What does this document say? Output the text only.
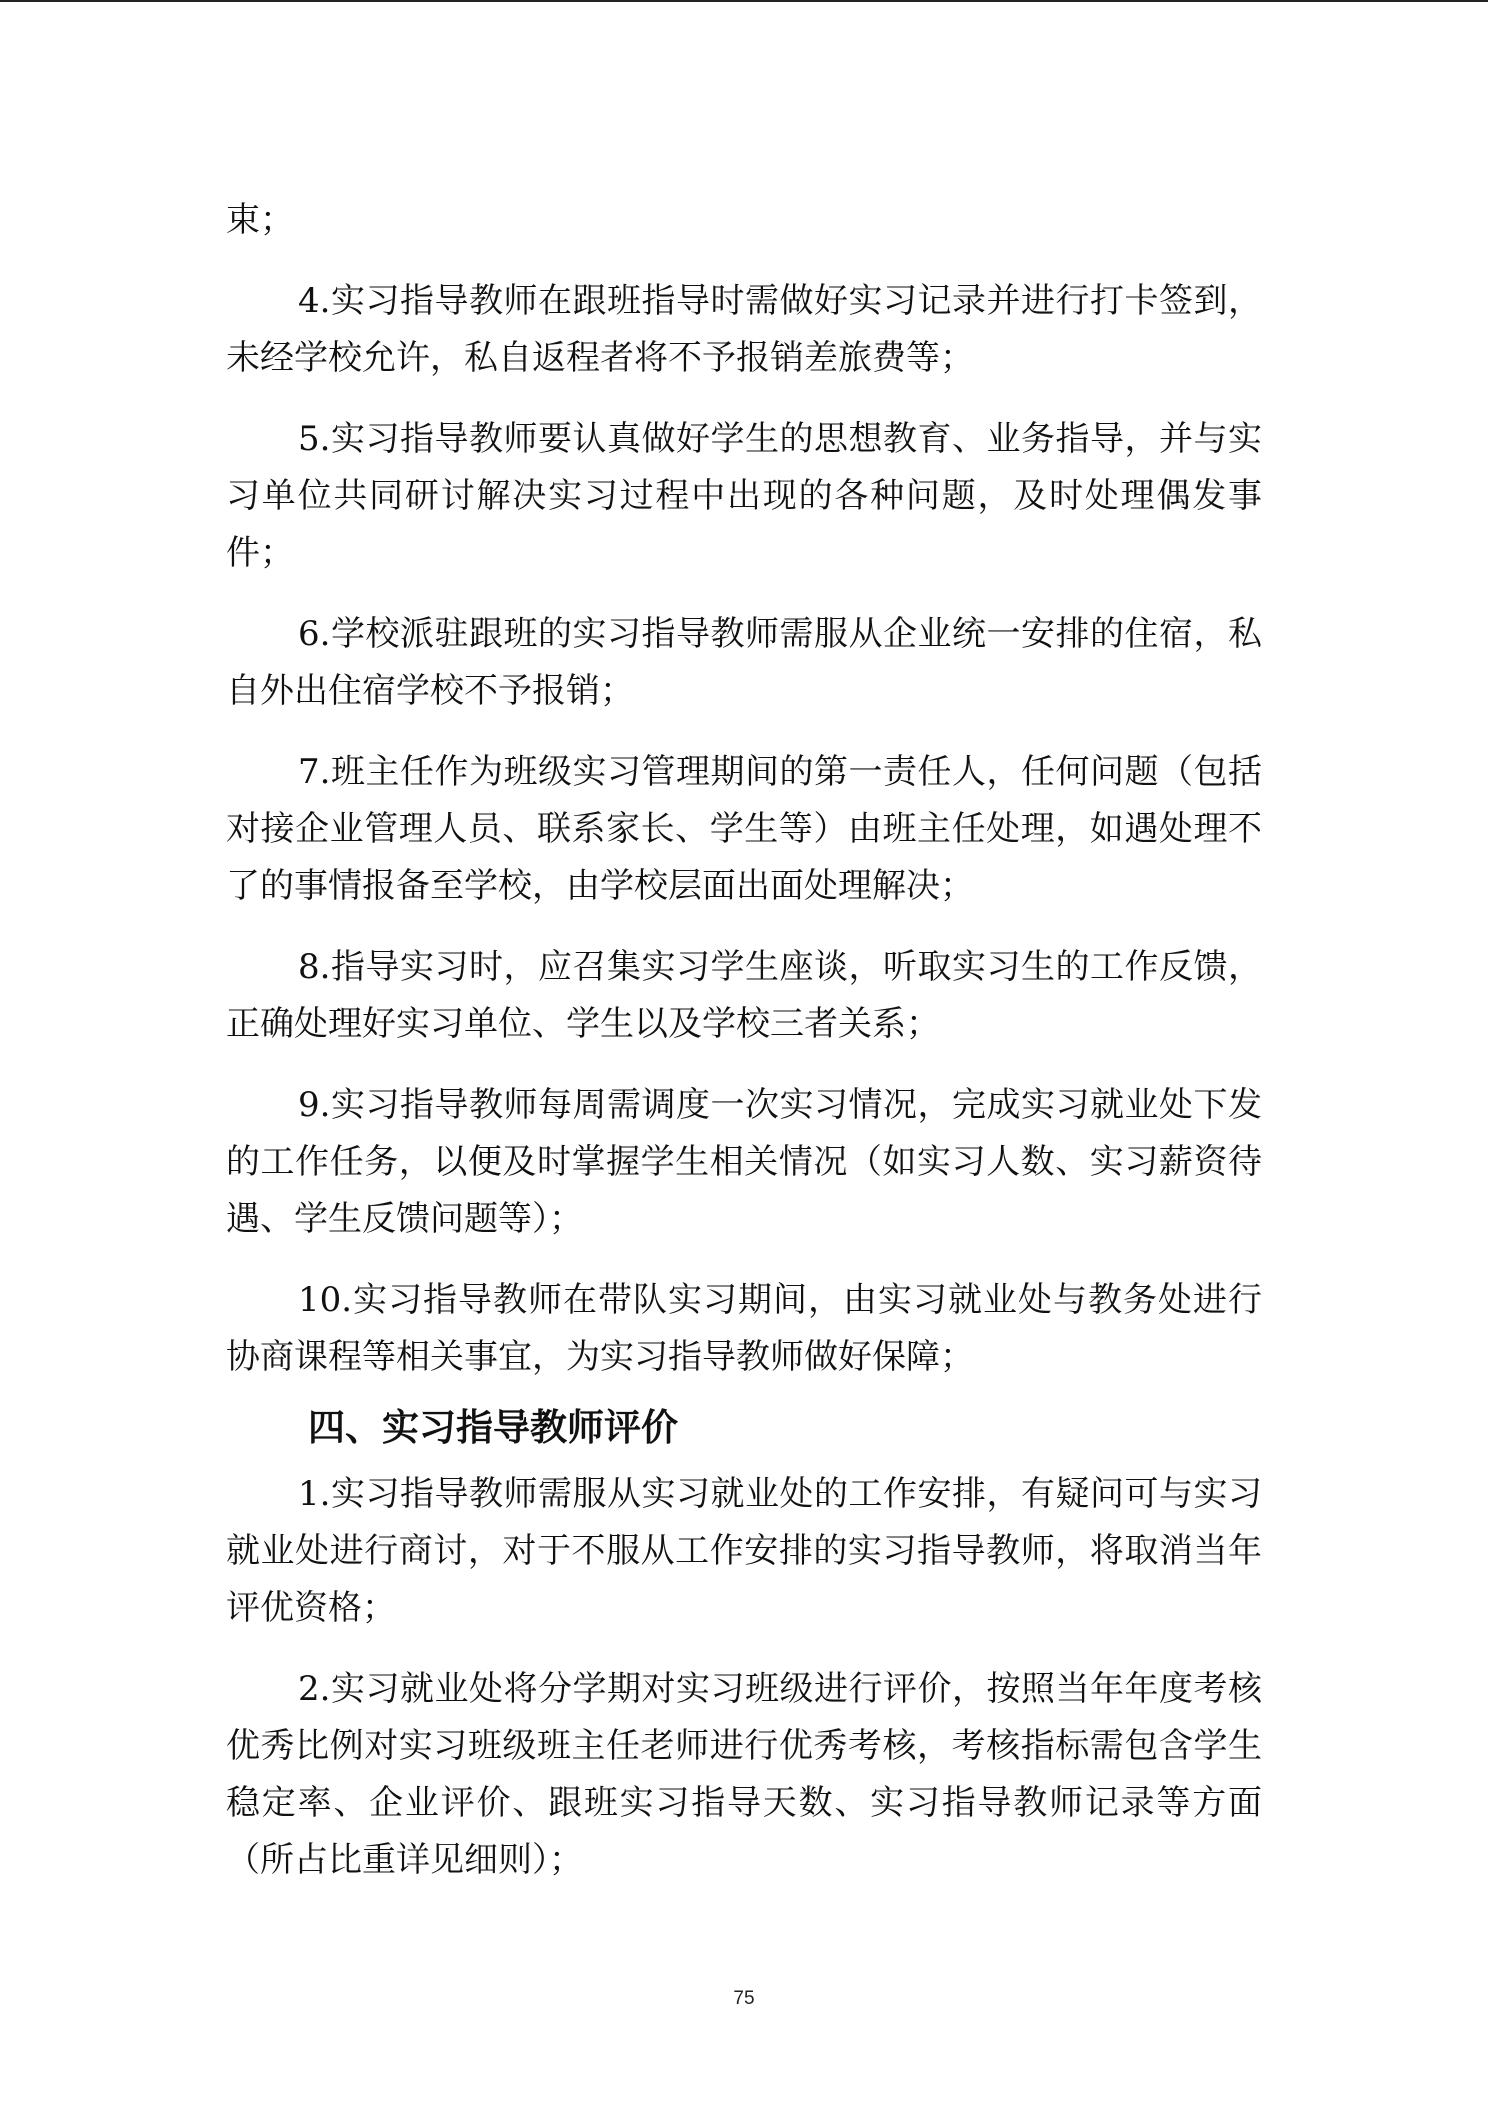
束；

4.实习指导教师在跟班指导时需做好实习记录并进行打卡签到，未经学校允许，私自返程者将不予报销差旅费等；

5.实习指导教师要认真做好学生的思想教育、业务指导，并与实习单位共同研讨解决实习过程中出现的各种问题，及时处理偶发事件；

6.学校派驻跟班的实习指导教师需服从企业统一安排的住宿，私自外出住宿学校不予报销；

7.班主任作为班级实习管理期间的第一责任人，任何问题（包括对接企业管理人员、联系家长、学生等）由班主任处理，如遇处理不了的事情报备至学校，由学校层面出面处理解决；

8.指导实习时，应召集实习学生座谈，听取实习生的工作反馈，正确处理好实习单位、学生以及学校三者关系；

9.实习指导教师每周需调度一次实习情况，完成实习就业处下发的工作任务，以便及时掌握学生相关情况（如实习人数、实习薪资待遇、学生反馈问题等）；

10.实习指导教师在带队实习期间，由实习就业处与教务处进行协商课程等相关事宜，为实习指导教师做好保障；

四、实习指导教师评价

1.实习指导教师需服从实习就业处的工作安排，有疑问可与实习就业处进行商讨，对于不服从工作安排的实习指导教师，将取消当年评优资格；

2.实习就业处将分学期对实习班级进行评价，按照当年年度考核优秀比例对实习班级班主任老师进行优秀考核，考核指标需包含学生稳定率、企业评价、跟班实习指导天数、实习指导教师记录等方面（所占比重详见细则）；

75
